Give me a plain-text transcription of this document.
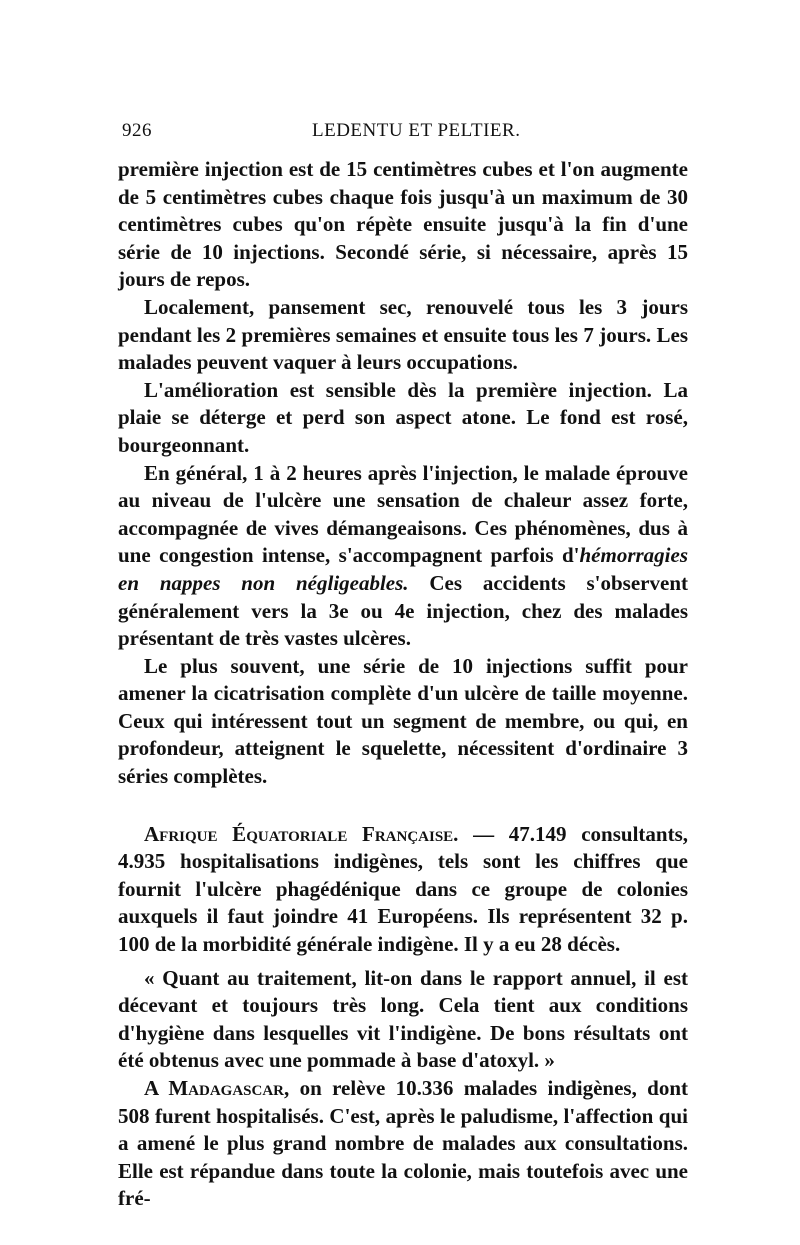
926	LEDENTU ET PELTIER.

première injection est de 15 centimètres cubes et l'on augmente de 5 centimètres cubes chaque fois jusqu'à un maximum de 30 centimètres cubes qu'on répète ensuite jusqu'à la fin d'une série de 10 injections. Secondé série, si nécessaire, après 15 jours de repos.

Localement, pansement sec, renouvelé tous les 3 jours pendant les 2 premières semaines et ensuite tous les 7 jours. Les malades peuvent vaquer à leurs occupations.

L'amélioration est sensible dès la première injection. La plaie se déterge et perd son aspect atone. Le fond est rosé, bourgeonnant.

En général, 1 à 2 heures après l'injection, le malade éprouve au niveau de l'ulcère une sensation de chaleur assez forte, accompagnée de vives démangeaisons. Ces phénomènes, dus à une congestion intense, s'accompagnent parfois d'hémorragies en nappes non négligeables. Ces accidents s'observent généralement vers la 3e ou 4e injection, chez des malades présentant de très vastes ulcères.

Le plus souvent, une série de 10 injections suffit pour amener la cicatrisation complète d'un ulcère de taille moyenne. Ceux qui intéressent tout un segment de membre, ou qui, en profondeur, atteignent le squelette, nécessitent d'ordinaire 3 séries complètes.

Afrique Équatoriale Française. — 47.149 consultants, 4.935 hospitalisations indigènes, tels sont les chiffres que fournit l'ulcère phagédénique dans ce groupe de colonies auxquels il faut joindre 41 Européens. Ils représentent 32 p. 100 de la morbidité générale indigène. Il y a eu 28 décès.

« Quant au traitement, lit-on dans le rapport annuel, il est décevant et toujours très long. Cela tient aux conditions d'hygiène dans lesquelles vit l'indigène. De bons résultats ont été obtenus avec une pommade à base d'atoxyl. »

A Madagascar, on relève 10.336 malades indigènes, dont 508 furent hospitalisés. C'est, après le paludisme, l'affection qui a amené le plus grand nombre de malades aux consultations. Elle est répandue dans toute la colonie, mais toutefois avec une fré-
